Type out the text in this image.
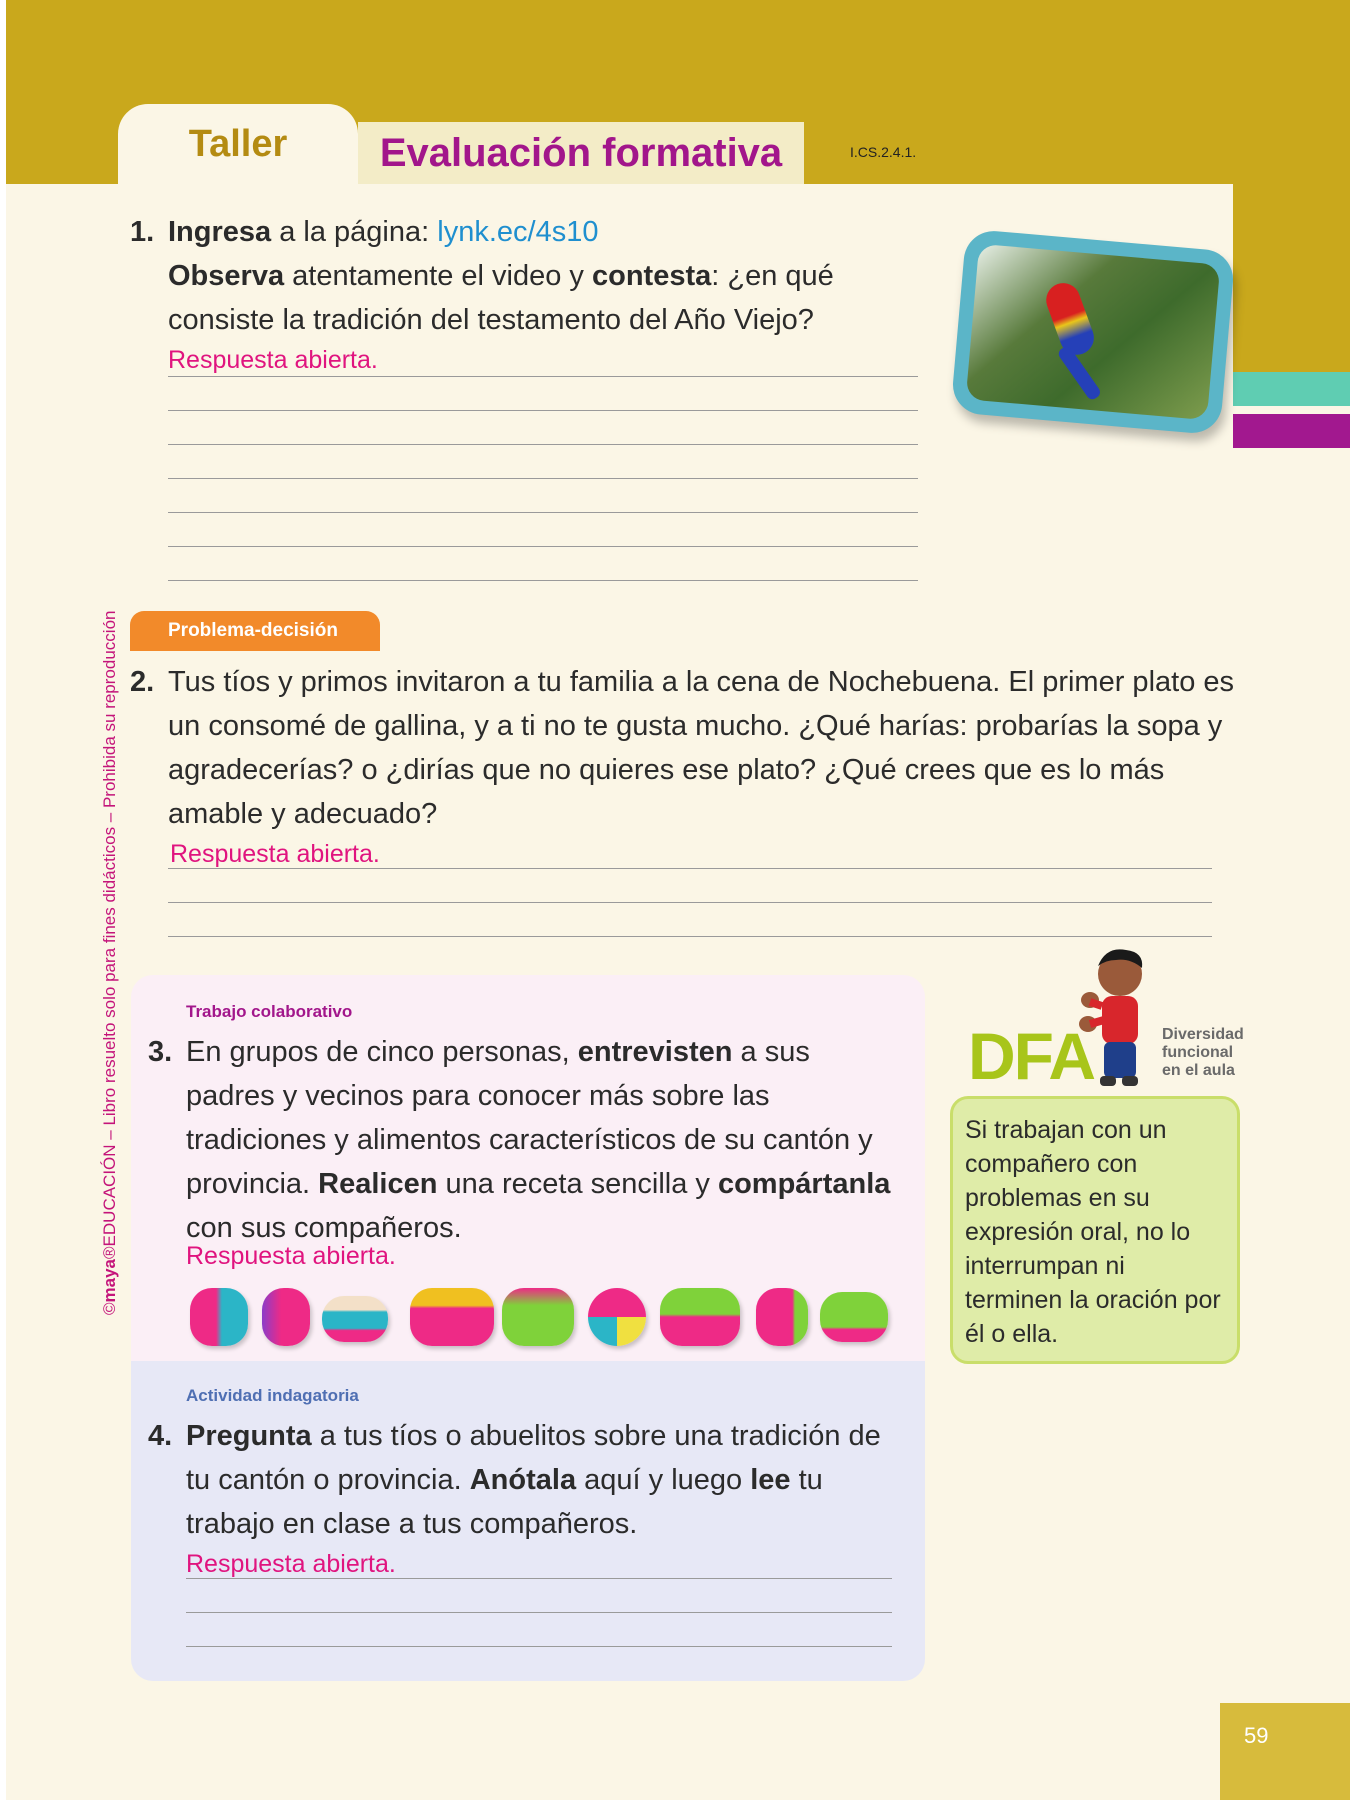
Taller	Evaluación formativa	I.CS.2.4.1.
©maya®EDUCACIÓN – Libro resuelto solo para fines didácticos – Prohibida su reproducción
1. Ingresa a la página: lynk.ec/4s10
Observa atentamente el video y contesta: ¿en qué consiste la tradición del testamento del Año Viejo?
Respuesta abierta.
Problema-decisión
2. Tus tíos y primos invitaron a tu familia a la cena de Nochebuena. El primer plato es un consomé de gallina, y a ti no te gusta mucho. ¿Qué harías: probarías la sopa y agradecerías? o ¿dirías que no quieres ese plato? ¿Qué crees que es lo más amable y adecuado?
Respuesta abierta.
Trabajo colaborativo
3. En grupos de cinco personas, entrevisten a sus padres y vecinos para conocer más sobre las tradiciones y alimentos característicos de su cantón y provincia. Realicen una receta sencilla y compártanla con sus compañeros.
Respuesta abierta.
Actividad indagatoria
4. Pregunta a tus tíos o abuelitos sobre una tradición de tu cantón o provincia. Anótala aquí y luego lee tu trabajo en clase a tus compañeros.
Respuesta abierta.
DFA	Diversidad
funcional
en el aula
Si trabajan con un compañero con problemas en su expresión oral, no lo interrumpan ni terminen la oración por él o ella.
59
